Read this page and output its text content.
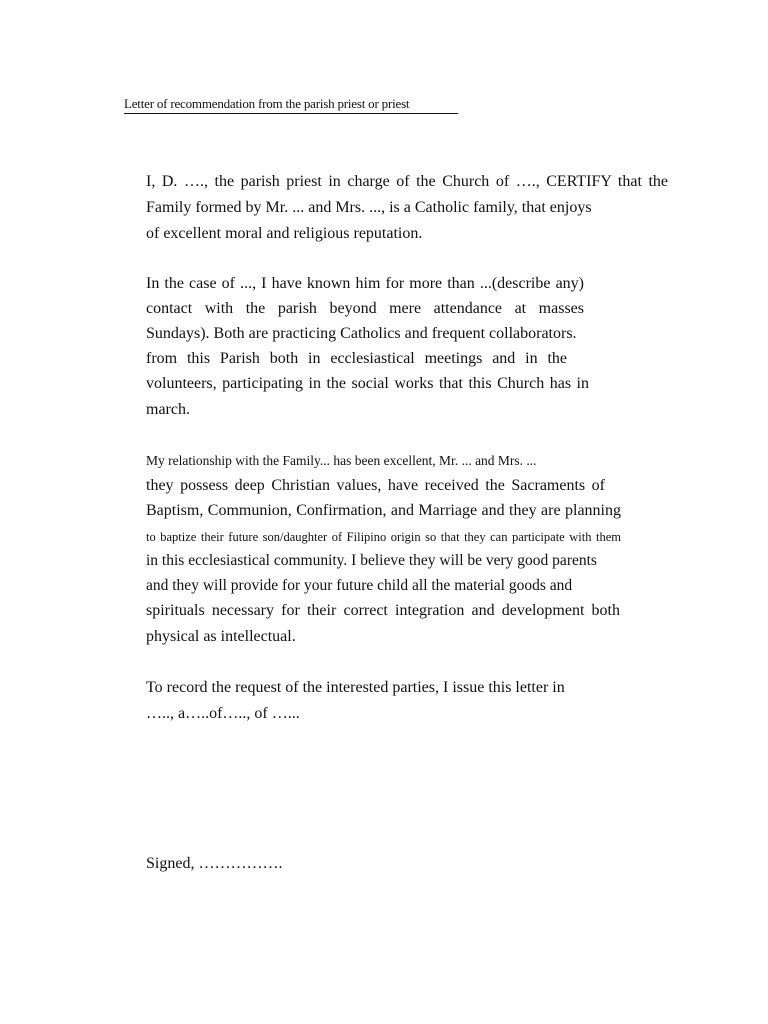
Letter of recommendation from the parish priest or priest
I, D. …., the parish priest in charge of the Church of …., CERTIFY that the
Family formed by Mr. ... and Mrs. ..., is a Catholic family, that enjoys
of excellent moral and religious reputation.
In the case of ..., I have known him for more than ...(describe any)
contact with the parish beyond mere attendance at masses
Sundays). Both are practicing Catholics and frequent collaborators.
from this Parish both in ecclesiastical meetings and in the
volunteers, participating in the social works that this Church has in
march.
My relationship with the Family... has been excellent, Mr. ... and Mrs. ...
they possess deep Christian values, have received the Sacraments of
Baptism, Communion, Confirmation, and Marriage and they are planning
to baptize their future son/daughter of Filipino origin so that they can participate with them
in this ecclesiastical community. I believe they will be very good parents
and they will provide for your future child all the material goods and
spirituals necessary for their correct integration and development both
physical as intellectual.
To record the request of the interested parties, I issue this letter in
….., a…..of….., of …...
Signed, …………….
